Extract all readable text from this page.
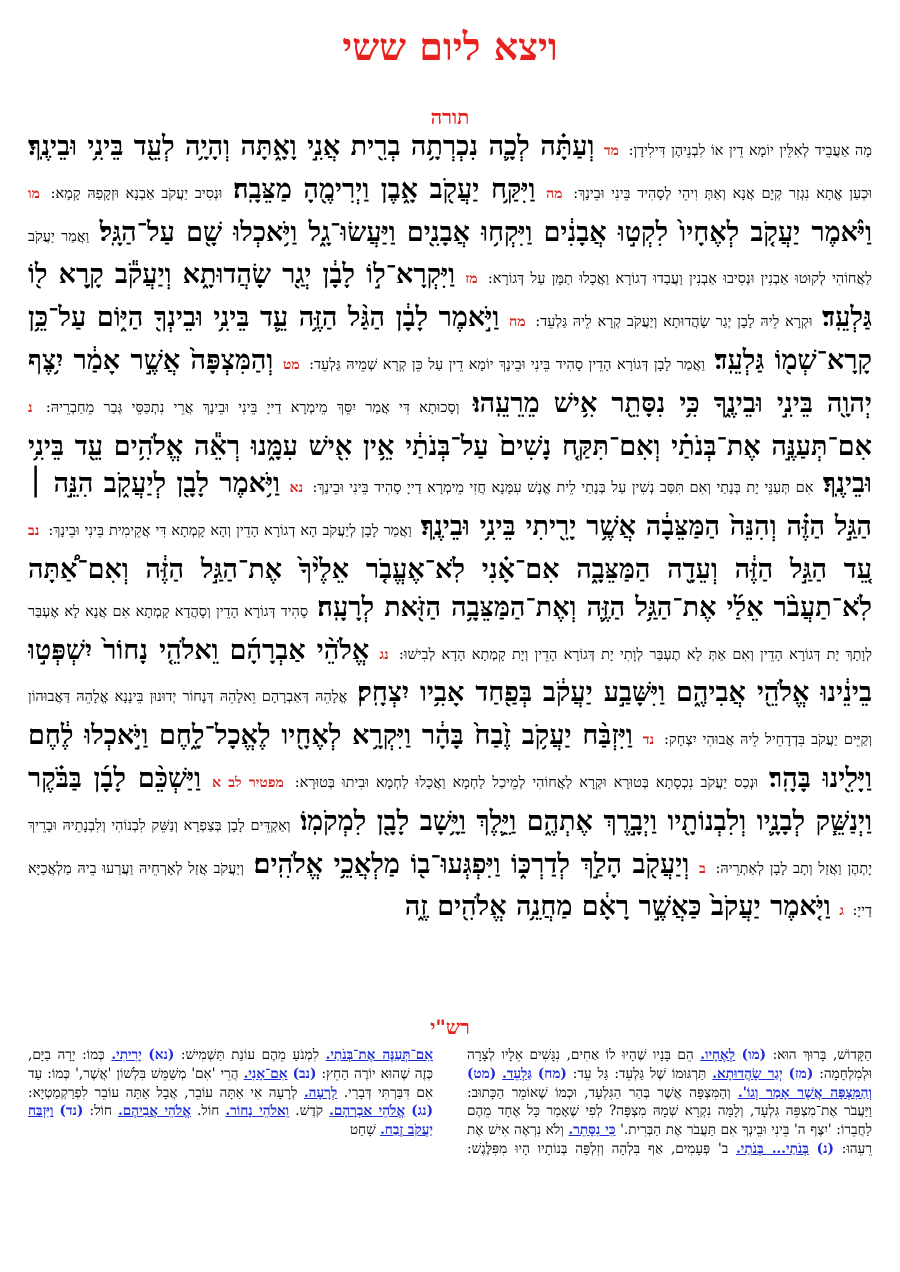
ויצא ליום ששי
תורה
מָה אַעֲבֵיד לְאִלֵּין יוֹמָא דֵין אוֹ לִבְנֵיהֶן דִּילִידָן: מד וְעַתָּ֗ה לְכָ֛ה נִכְרְתָ֥ה בְרִ֖ית אֲנִ֣י וָאָ֑תָּה וְהָיָ֥ה לְעֵ֖ד בֵּינִ֥י וּבֵינֶֽךָ׃ וּכְעַן אֱתָא נִגְזַר קְיָם אֲנָא וְאַתְּ וִיהֵי לְסָהִיד בֵּינִי וּבֵינָךְ: מה וַיִּקַּ֥ח יַעֲקֹ֖ב אָ֑בֶן וַיְרִימֶ֖הָ מַצֵּבָֽה׃ וּנְסִיב יַעֲקֹב אַבְנָא וּזְקָפַהּ קָמָא: מו וַיֹּ֨אמֶר יַעֲקֹ֤ב לְאֶחָיו֙ לִקְט֣וּ אֲבָנִ֔ים וַיִּקְח֥וּ אֲבָנִ֖ים וַיַּעֲשׂוּ־גָ֑ל וַיֹּ֥אכְלוּ שָׁ֖ם עַל־הַגָּֽל׃ וַאֲמַר יַעֲקֹב לַאֲחוֹהִי לְקוּטוּ אַבְנִין וּנְסִיבוּ אַבְנִין וַעֲבַדוּ דְגוֹרָא וַאֲכָלוּ תַמָּן עַל דְּגוֹרָא: מז וַיִּקְרָא־ל֣וֹ לָבָ֔ן יְגַ֖ר שָׂהֲדוּתָ֑א וְיַעֲקֹ֕ב קָ֥רָא ל֖וֹ גַּלְעֵֽד׃ וּקְרָא לֵיהּ לָבָן יְגַר שָׂהֲדוּתָא וְיַעֲקֹב קְרָא לֵיהּ גַּלְעֵד: מח וַיֹּ֣אמֶר לָבָ֔ן הַגַּ֨ל הַזֶּ֥ה עֵ֛ד בֵּינִ֥י וּבֵינְךָ֖ הַיּ֑וֹם עַל־כֵּ֥ן קָרָא־שְׁמ֖וֹ גַּלְעֵֽד׃ וַאֲמַר לָבָן דְּגוֹרָא הָדֵין סָהִיד בֵּינִי וּבֵינָךְ יוֹמָא דֵין עַל כֵּן קְרָא שְׁמֵיהּ גַּלְעֵד: מט וְהַמִּצְפָּה֙ אֲשֶׁ֣ר אָמַ֔ר יִ֥צֶף יְהוָ֖ה בֵּינִ֣י וּבֵינֶ֑ךָ כִּ֥י נִסָּתֵ֖ר אִ֥ישׁ מֵרֵעֵֽהוּ׃ וְסָכוּתָא דִּי אֲמַר יִסֵּךְ מֵימְרָא דַייָ בֵּינִי וּבֵינָךְ אֲרֵי נִתְכַּסֵּי גְּבַר מֵחַבְרֵיהּ: נ אִם־תְּעַנֶּ֣ה אֶת־בְּנֹתַ֗י וְאִם־תִּקַּ֤ח נָשִׁים֙ עַל־בְּנֹתַ֔י אֵ֥ין אִ֖ישׁ עִמָּ֑נוּ רְאֵ֕ה אֱלֹהִ֥ים עֵ֖ד בֵּינִ֥י וּבֵינֶֽךָ׃ אִם תְּעַנֵּי יָת בְּנָתַי וְאִם תִּסַּב נְשִׁין עַל בְּנָתַי לֵית אֱנָשׁ עִמָּנָא חֲזִי מֵימְרָא דַייָ סָהִיד בֵּינִי וּבֵינָךְ: נא וַיֹּ֥אמֶר לָבָ֖ן לְיַעֲקֹ֑ב הִנֵּ֣ה ׀ הַגַּ֣ל הַזֶּ֗ה וְהִנֵּה֙ הַמַּצֵּבָ֔ה אֲשֶׁ֥ר יָרִ֖יתִי בֵּינִ֥י וּבֵינֶֽךָ׃ וַאֲמַר לָבָן לְיַעֲקֹב הָא דְגוֹרָא הָדֵין וְהָא קָמְתָא דִּי אֲקֵימִית בֵּינִי וּבֵינָךְ: נב עֵ֚ד הַגַּ֣ל הַזֶּ֔ה וְעֵדָ֖ה הַמַּצֵּבָ֑ה אִם־אָ֗נִי לֹֽא־אֶעֱבֹ֤ר אֵלֶ֙יךָ֙ אֶת־הַגַּ֣ל הַזֶּ֔ה וְאִם־אַ֠תָּה לֹֽא־תַעֲבֹ֨ר אֵלַ֜י אֶת־הַגַּ֥ל הַזֶּ֛ה וְאֶת־הַמַּצֵּבָ֥ה הַזֹּ֖את לְרָעָֽה׃ סָהִיד דְּגוֹרָא הָדֵין וְסָהֲדָא קָמְתָא אִם אֲנָא לָא אֶעְבַּר לְוָתָךְ יָת דְּגוֹרָא הָדֵין וְאִם אַתְּ לָא תֶעְבַּר לְוָתִי יָת דְּגוֹרָא הָדֵין וְיָת קָמְתָא הָדָא לְבִישׁוּ: נג אֱלֹהֵ֨י אַבְרָהָ֜ם וֵאלֹהֵ֤י נָחוֹר֙ יִשְׁפְּט֣וּ בֵינֵ֔ינוּ אֱלֹהֵ֖י אֲבִיהֶ֑ם וַיִּשָּׁבַ֣ע יַעֲקֹ֔ב בְּפַ֖חַד אָבִ֥יו יִצְחָֽק׃ אֱלָהֵהּ דְּאַבְרָהָם וֵאלָהֵהּ דְּנָחוֹר יְדוּנוּן בֵּינָנָא אֱלָהֵהּ דַּאֲבוּהוֹן וְקַיֵּים יַעֲקֹב בִּדְדָחֵיל לֵיהּ אֲבוּהִי יִצְחָק: נד וַיִּזְבַּ֨ח יַעֲקֹ֥ב זֶ֙בַח֙ בָּהָ֔ר וַיִּקְרָ֥א לְאֶחָ֖יו לֶאֱכָל־לָ֑חֶם וַיֹּ֣אכְלוּ לֶ֔חֶם וַיָּלִ֖ינוּ בָּהָֽר׃ וּנְכַס יַעֲקֹב נִכְסָתָא בְּטוּרָא וּקְרָא לַאֲחוֹהִי לְמֵיכַל לַחְמָא וַאֲכָלוּ לַחְמָא וּבִיתוּ בְּטוּרָא: מפטיר לב א וַיַּשְׁכֵּ֨ם לָבָ֜ן בַּבֹּ֗קֶר וַיְנַשֵּׁ֧ק לְבָנָ֛יו וְלִבְנוֹתָ֖יו וַיְבָ֣רֶךְ אֶתְהֶ֑ם וַיֵּ֛לֶךְ וַיָּ֥שָׁב לָבָ֖ן לִמְקֹמֽוֹ׃ וְאַקְדֵּים לָבָן בְּצַפְרָא וְנַשֵּׁק לִבְנוֹהִי וְלִבְנָתֵיהּ וּבָרֵיךְ יָתְהֶן וַאֲזַל וְתָב לָבָן לְאַתְרֵיהּ: ב וְיַעֲקֹ֖ב הָלַ֣ךְ לְדַרְכּ֑וֹ וַיִּפְגְּעוּ־ב֖וֹ מַלְאֲכֵ֥י אֱלֹהִֽים׃ וְיַעֲקֹב אֲזַל לְאָרְחֵיהּ וַעֲרַעוּ בֵיהּ מַלְאֲכַיָּא דַייָ: ג וַיֹּ֤אמֶר יַעֲקֹב֙ כַּאֲשֶׁ֣ר רָאָ֔ם מַחֲנֵ֥ה אֱלֹהִ֖ים זֶ֑ה
רש"י
הַקָּדוֹשׁ, בָּרוּךְ הוּא: (מו) לְאֶחָיו. הֵם בָּנָיו שֶׁהָיוּ לוֹ אַחִים, נִגָּשִׁים אֵלָיו לְצָרָה וּלְמִלְחָמָה: (מז) יְגַר שָׂהֲדוּתָא. תַּרְגּוּמוֹ שֶׁל גַּלְעֵד: גַּל עֵד: (מח) גַּלְעֵד. (מט) וְהַמִּצְפָּה אֲשֶׁר אָמַר וְגוֹ'. וְהַמִּצְפָּה אֲשֶׁר בְּהַר הַגִּלְעָד, וּכְמוֹ שֶׁאוֹמֵר הַכָּתוּב: וַיַּעֲבֹר אֶת־מִצְפֵּה גִּלְעָד, וְלָמָּה נִקְרָא שְׁמָהּ מִצְפָּה? לְפִי שֶׁאָמַר כָּל אֶחָד מֵהֶם לַחֲבֵרוֹ: 'יִצֶף ה' בֵּינִי וּבֵינְךָ אִם תַּעֲבֹר אֶת הַבְּרִית.' כִּי נִסָּתֵר. וְלֹא נִרְאֶה אִישׁ אֶת רֵעֵהוּ: (נ) בְּנֹתַי... בְּנֹתַי. ב' פְּעָמִים, אַף בִּלְהָה וְזִלְפָּה בְּנוֹתָיו הָיוּ מִפִּלֶּגֶשׁ: אִם־תְּעַנֶּה אֶת־בְּנֹתַי. לִמְנֹעַ מֵהֶם עוֹנַת תַּשְׁמִישׁ: (נא) יָרִיתִי. כְּמוֹ: יָרָה בַיָּם, כְּזֶה שֶׁהוּא יוֹרֶה הַחֵץ: (נב) אִם־אָנִי. הֲרֵי 'אִם' מְשַׁמֵּשׁ בִּלְשׁוֹן 'אֲשֶׁר,' כְּמוֹ: עַד אִם דִּבַּרְתִּי דְּבָרַי. לְרָעָה. לְרָעָה אִי אַתָּה עוֹבֵר, אֲבָל אַתָּה עוֹבֵר לִפְרַקְמַטְיָא: (נג) אֱלֹהֵי אַבְרָהָם. קֹדֶשׁ. וֵאלֹהֵי נָחוֹר. חוֹל. אֱלֹהֵי אֲבִיהֶם. חוֹל: (נד) וַיִּזְבַּח יַעֲקֹב זֶבַח. שָׁחַט
